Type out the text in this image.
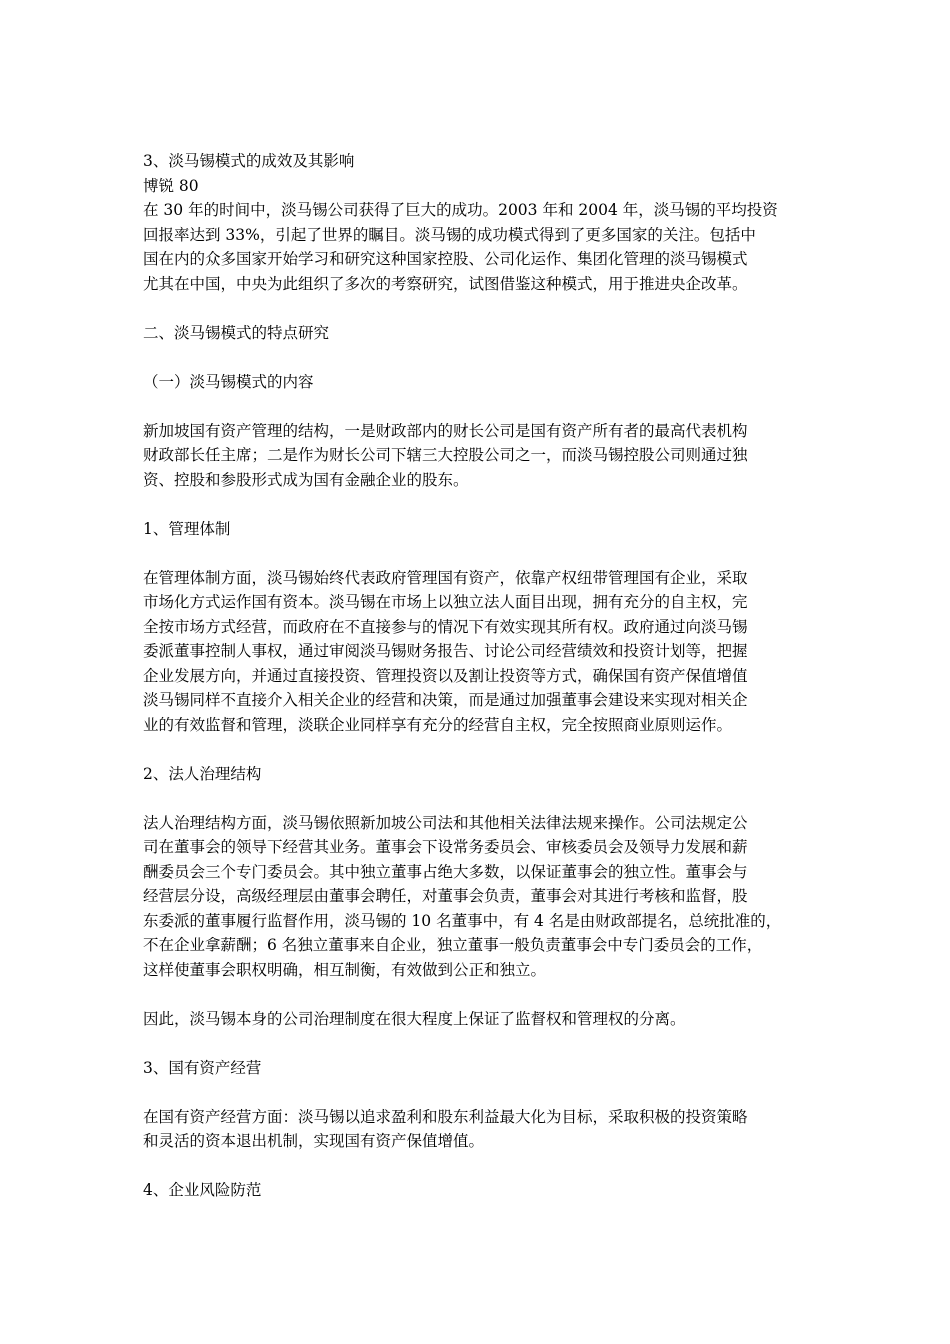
3、淡马锡模式的成效及其影响

博锐 80

在 30 年的时间中，淡马锡公司获得了巨大的成功。2003 年和 2004 年，淡马锡的平均投资

回报率达到 33%，引起了世界的瞩目。淡马锡的成功模式得到了更多国家的关注。包括中

国在内的众多国家开始学习和研究这种国家控股、公司化运作、集团化管理的淡马锡模式

尤其在中国，中央为此组织了多次的考察研究，试图借鉴这种模式，用于推进央企改革。

二、淡马锡模式的特点研究

（一）淡马锡模式的内容

新加坡国有资产管理的结构，一是财政部内的财长公司是国有资产所有者的最高代表机构

财政部长任主席；二是作为财长公司下辖三大控股公司之一，而淡马锡控股公司则通过独

资、控股和参股形式成为国有金融企业的股东。

1、管理体制

在管理体制方面，淡马锡始终代表政府管理国有资产，依靠产权纽带管理国有企业，采取

市场化方式运作国有资本。淡马锡在市场上以独立法人面目出现，拥有充分的自主权，完

全按市场方式经营，而政府在不直接参与的情况下有效实现其所有权。政府通过向淡马锡

委派董事控制人事权，通过审阅淡马锡财务报告、讨论公司经营绩效和投资计划等，把握

企业发展方向，并通过直接投资、管理投资以及割让投资等方式，确保国有资产保值增值

淡马锡同样不直接介入相关企业的经营和决策，而是通过加强董事会建设来实现对相关企

业的有效监督和管理，淡联企业同样享有充分的经营自主权，完全按照商业原则运作。

2、法人治理结构

法人治理结构方面，淡马锡依照新加坡公司法和其他相关法律法规来操作。公司法规定公

司在董事会的领导下经营其业务。董事会下设常务委员会、审核委员会及领导力发展和薪

酬委员会三个专门委员会。其中独立董事占绝大多数，以保证董事会的独立性。董事会与

经营层分设，高级经理层由董事会聘任，对董事会负责，董事会对其进行考核和监督，股

东委派的董事履行监督作用，淡马锡的 10 名董事中，有 4 名是由财政部提名，总统批准的，

不在企业拿薪酬；6 名独立董事来自企业，独立董事一般负责董事会中专门委员会的工作，

这样使董事会职权明确，相互制衡，有效做到公正和独立。

因此，淡马锡本身的公司治理制度在很大程度上保证了监督权和管理权的分离。

3、国有资产经营

在国有资产经营方面：淡马锡以追求盈利和股东利益最大化为目标，采取积极的投资策略

和灵活的资本退出机制，实现国有资产保值增值。

4、企业风险防范
